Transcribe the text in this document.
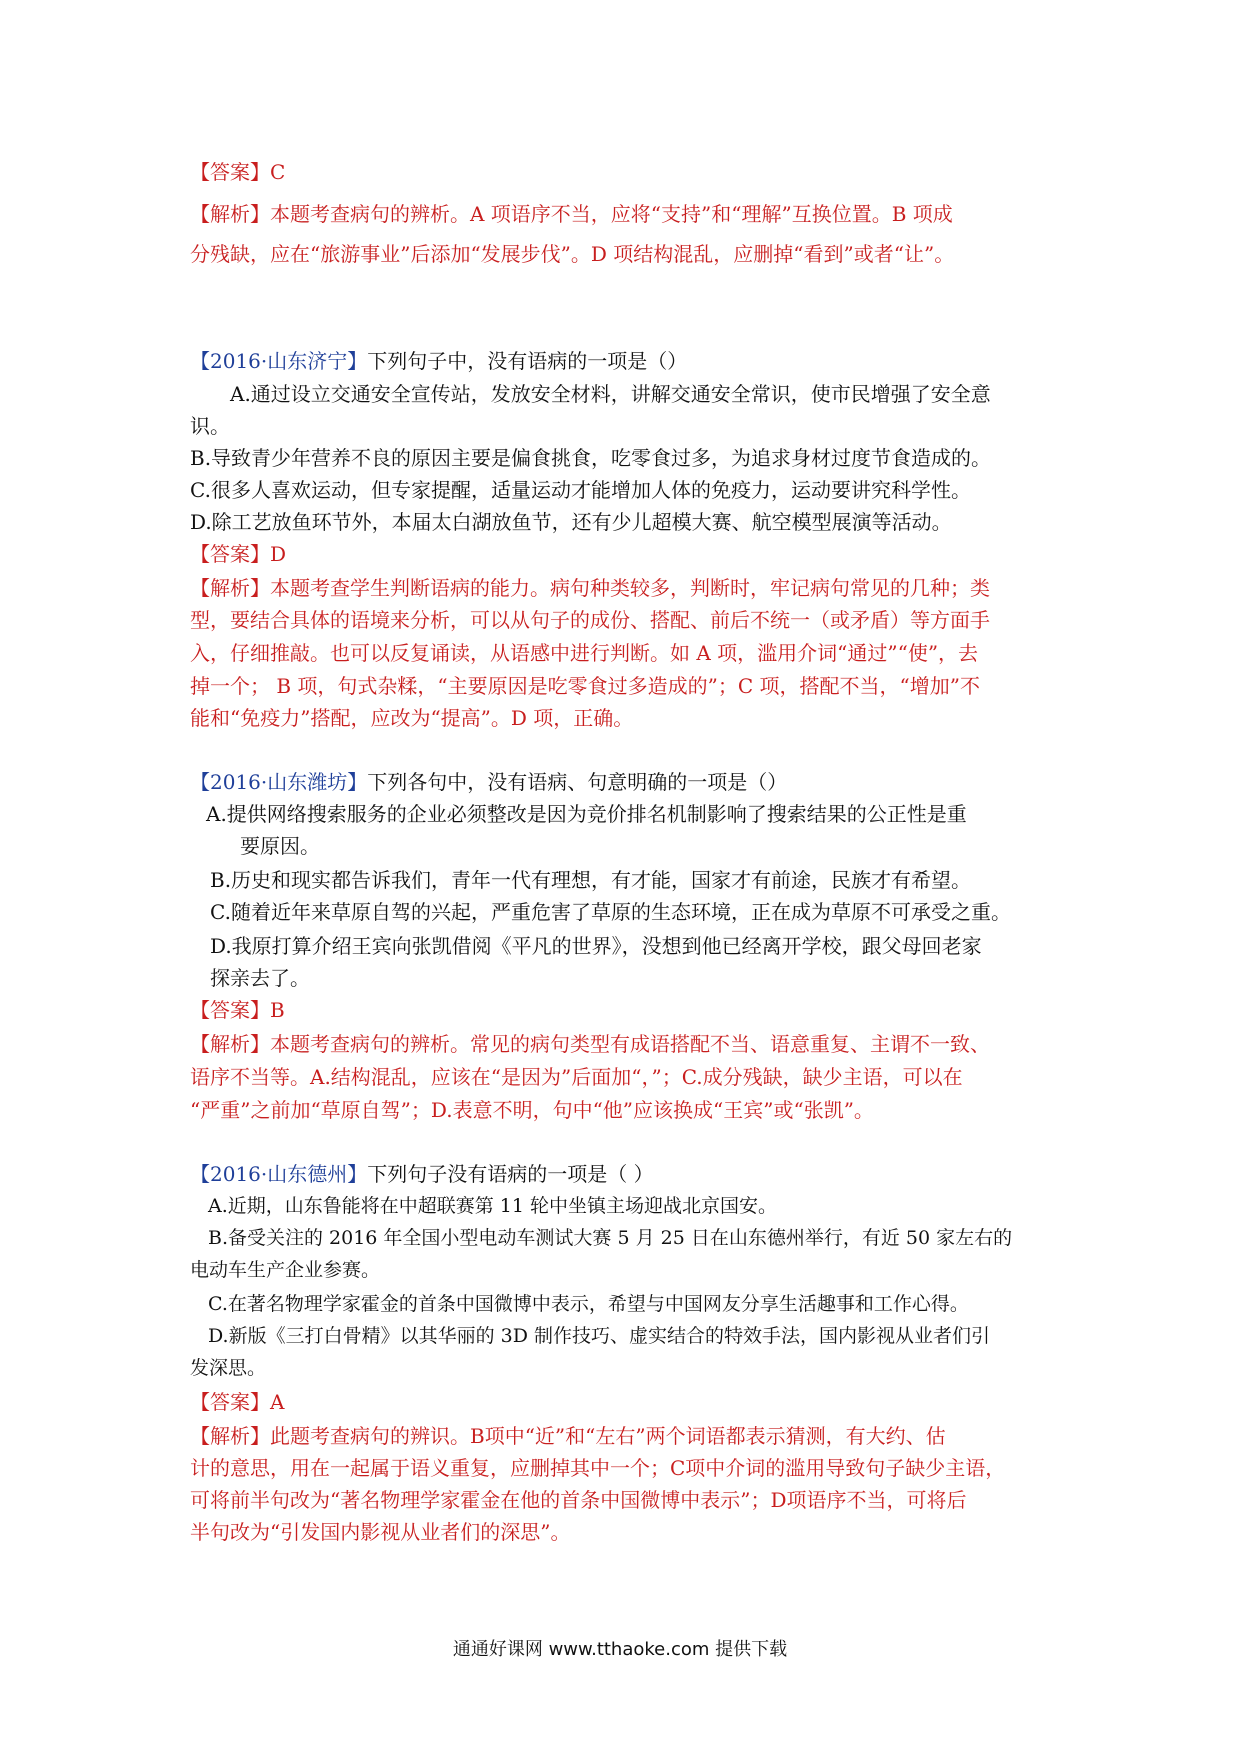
【答案】C
【解析】本题考查病句的辨析。A 项语序不当，应将“支持”和“理解”互换位置。B 项成
分残缺，应在“旅游事业”后添加“发展步伐”。D 项结构混乱，应删掉“看到”或者“让”。
【2016·山东济宁】下列句子中，没有语病的一项是（）
A.通过设立交通安全宣传站，发放安全材料，讲解交通安全常识，使市民增强了安全意
识。
B.导致青少年营养不良的原因主要是偏食挑食，吃零食过多，为追求身材过度节食造成的。
C.很多人喜欢运动，但专家提醒，适量运动才能增加人体的免疫力，运动要讲究科学性。
D.除工艺放鱼环节外，本届太白湖放鱼节，还有少儿超模大赛、航空模型展演等活动。
【答案】D
【解析】本题考查学生判断语病的能力。病句种类较多，判断时，牢记病句常见的几种；类
型，要结合具体的语境来分析，可以从句子的成份、搭配、前后不统一（或矛盾）等方面手
入，仔细推敲。也可以反复诵读，从语感中进行判断。如 A 项，滥用介词“通过”“使”，去
掉一个； B 项，句式杂糅，“主要原因是吃零食过多造成的”；C 项，搭配不当，“增加”不
能和“免疫力”搭配，应改为“提高”。D 项，正确。
【2016·山东潍坊】下列各句中，没有语病、句意明确的一项是（）
A.提供网络搜索服务的企业必须整改是因为竞价排名机制影响了搜索结果的公正性是重
要原因。
B.历史和现实都告诉我们，青年一代有理想，有才能，国家才有前途，民族才有希望。
C.随着近年来草原自驾的兴起，严重危害了草原的生态环境，正在成为草原不可承受之重。
D.我原打算介绍王宾向张凯借阅《平凡的世界》，没想到他已经离开学校，跟父母回老家
探亲去了。
【答案】B
【解析】本题考查病句的辨析。常见的病句类型有成语搭配不当、语意重复、主谓不一致、
语序不当等。A.结构混乱，应该在“是因为”后面加“，”；C.成分残缺，缺少主语，可以在
“严重”之前加“草原自驾”；D.表意不明，句中“他”应该换成“王宾”或“张凯”。
【2016·山东德州】下列句子没有语病的一项是（ ）
A.近期，山东鲁能将在中超联赛第 11 轮中坐镇主场迎战北京国安。
B.备受关注的 2016 年全国小型电动车测试大赛 5 月 25 日在山东德州举行，有近 50 家左右的
电动车生产企业参赛。
C.在著名物理学家霍金的首条中国微博中表示，希望与中国网友分享生活趣事和工作心得。
D.新版《三打白骨精》以其华丽的 3D 制作技巧、虚实结合的特效手法，国内影视从业者们引
发深思。
【答案】A
【解析】此题考查病句的辨识。B项中“近”和“左右”两个词语都表示猜测，有大约、估
计的意思，用在一起属于语义重复，应删掉其中一个；C项中介词的滥用导致句子缺少主语，
可将前半句改为“著名物理学家霍金在他的首条中国微博中表示”；D项语序不当，可将后
半句改为“引发国内影视从业者们的深思”。
通通好课网 www.tthaoke.com 提供下载
